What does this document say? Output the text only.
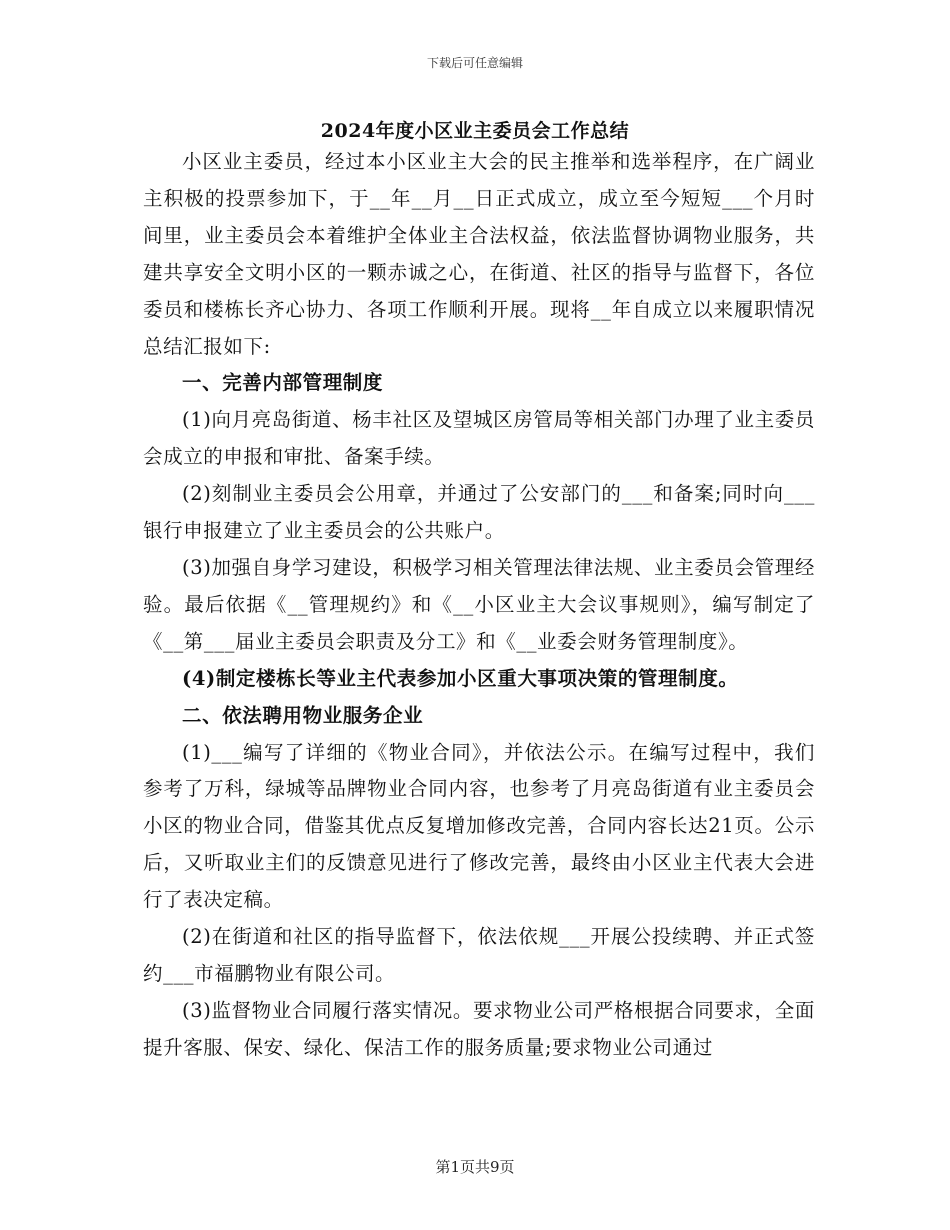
下载后可任意编辑
2024年度小区业主委员会工作总结

小区业主委员，经过本小区业主大会的民主推举和选举程序，在广阔业主积极的投票参加下，于__年__月__日正式成立，成立至今短短___个月时间里，业主委员会本着维护全体业主合法权益，依法监督协调物业服务，共建共享安全文明小区的一颗赤诚之心，在街道、社区的指导与监督下，各位委员和楼栋长齐心协力、各项工作顺利开展。现将__年自成立以来履职情况总结汇报如下:

一、完善内部管理制度

(1)向月亮岛街道、杨丰社区及望城区房管局等相关部门办理了业主委员会成立的申报和审批、备案手续。

(2)刻制业主委员会公用章，并通过了公安部门的___和备案;同时向___银行申报建立了业主委员会的公共账户。

(3)加强自身学习建设，积极学习相关管理法律法规、业主委员会管理经验。最后依据《__管理规约》和《__小区业主大会议事规则》，编写制定了《__第___届业主委员会职责及分工》和《__业委会财务管理制度》。

(4)制定楼栋长等业主代表参加小区重大事项决策的管理制度。

二、依法聘用物业服务企业

(1)___编写了详细的《物业合同》，并依法公示。在编写过程中，我们参考了万科，绿城等品牌物业合同内容，也参考了月亮岛街道有业主委员会小区的物业合同，借鉴其优点反复增加修改完善，合同内容长达21页。公示后，又听取业主们的反馈意见进行了修改完善，最终由小区业主代表大会进行了表决定稿。

(2)在街道和社区的指导监督下，依法依规___开展公投续聘、并正式签约___市福鹏物业有限公司。

(3)监督物业合同履行落实情况。要求物业公司严格根据合同要求，全面提升客服、保安、绿化、保洁工作的服务质量;要求物业公司通过

第1页共9页
